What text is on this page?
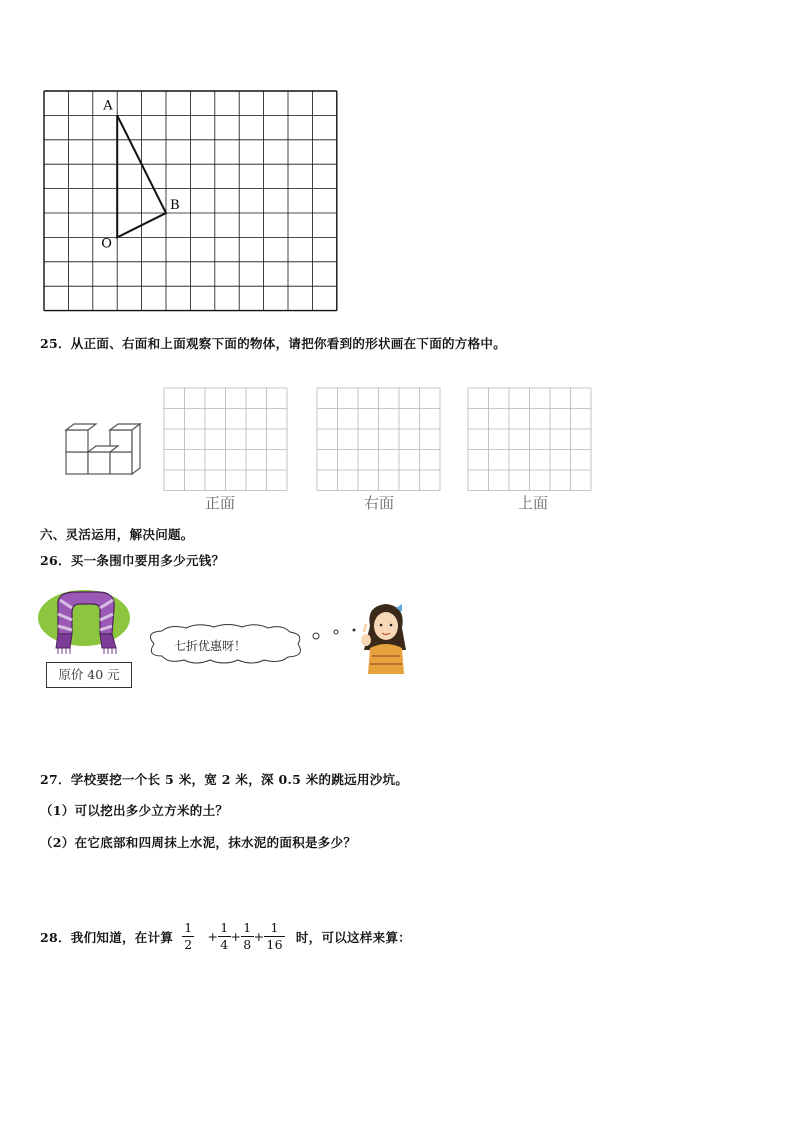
A
B
O
25．从正面、右面和上面观察下面的物体，请把你看到的形状画在下面的方格中。
正面	右面	上面
六、灵活运用，解决问题。
26．买一条围巾要用多少元钱？
原价 40 元
七折优惠呀！
27．学校要挖一个长 5 米，宽 2 米，深 0.5 米的跳远用沙坑。
（1）可以挖出多少立方米的土？
（2）在它底部和四周抹上水泥，抹水泥的面积是多少？
28．我们知道，在计算 $\frac{1}{2} + \frac{1}{4} + \frac{1}{8} + \frac{1}{16}$ 时，可以这样来算：
